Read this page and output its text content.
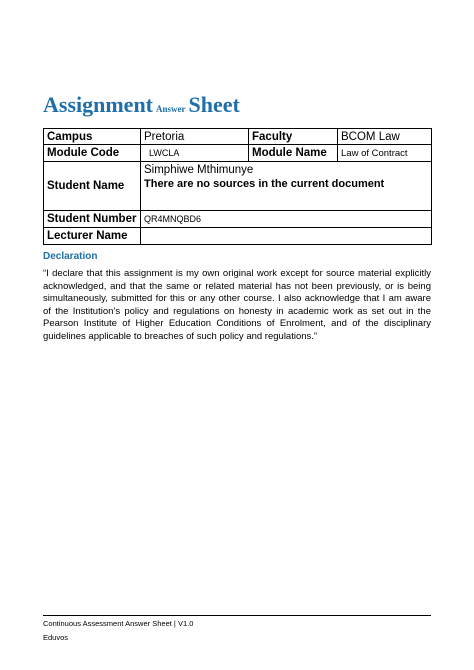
Assignment Answer Sheet
Campus	Pretoria	Faculty	BCOM Law
Module Code	LWCLA	Module Name	Law of Contract
Student Name	Simphiwe Mthimunye
There are no sources in the current document		

Student Number	QR4MNQBD6		
Lecturer Name			
Declaration
“I declare that this assignment is my own original work except for source material explicitly acknowledged, and that the same or related material has not been previously, or is being simultaneously, submitted for this or any other course. I also acknowledge that I am aware of the Institution’s policy and regulations on honesty in academic work as set out in the Pearson Institute of Higher Education Conditions of Enrolment, and of the disciplinary guidelines applicable to breaches of such policy and regulations.”
Continuous Assessment Answer Sheet | V1.0
Eduvos
